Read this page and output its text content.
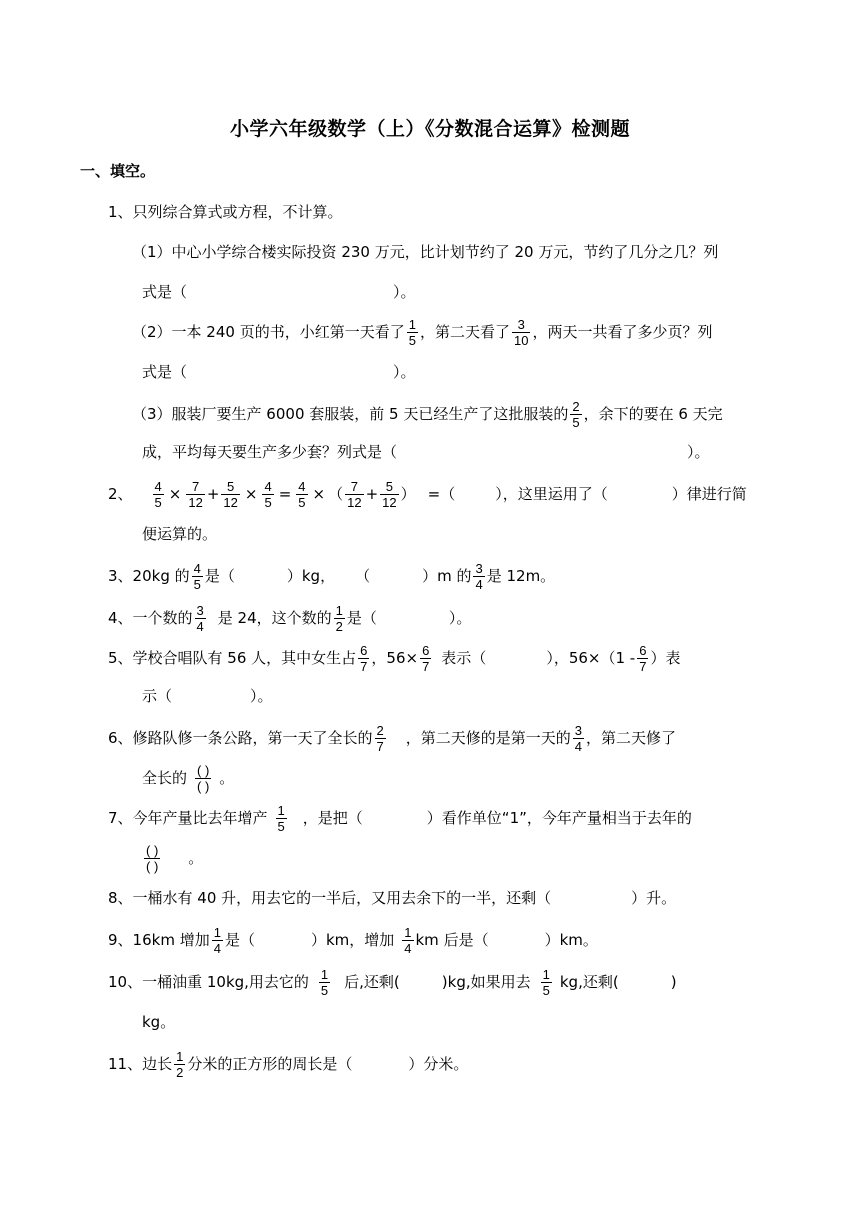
小学六年级数学（上）《分数混合运算》检测题
一、填空。
1、只列综合算式或方程，不计算。
（1）中心小学综合楼实际投资 230 万元，比计划节约了 20 万元，节约了几分之几？列
式是（	）。
（2）一本 240 页的书，小红第一天看了 $\frac{1}{5}$ ，第二天看了 $\frac{3}{10}$ ，两天一共看了多少页？列
式是（	）。
（3）服装厂要生产 6000 套服装，前 5 天已经生产了这批服装的 $\frac{2}{5}$ ，余下的要在 6 天完
成，平均每天要生产多少套？列式是（	）。
2、 $\frac{4}{5} \times \frac{7}{12} + \frac{5}{12} \times \frac{4}{5} = \frac{4}{5}$ × （ $\frac{7}{12} + \frac{5}{12}$ ） =（	），这里运用了（	）律进行简
便运算的。
3、20kg 的 $\frac{4}{5}$ 是（	）kg， （	）m 的 $\frac{3}{4}$ 是 12m。
4、一个数的 $\frac{3}{4}$ 是 24，这个数的 $\frac{1}{2}$ 是（	）。
5、学校合唱队有 56 人，其中女生占 $\frac{6}{7}$ ，$56\times \frac{6}{7}$ 表示（	），$56\times(1 - \frac{6}{7}$ ）表
示（	）。
6、修路队修一条公路，第一天了全长的 $\frac{2}{7}$ ，第二天修的是第一天的 $\frac{3}{4}$ ，第二天修了
全长的 $\frac{( )}{( )}$ 。
7、今年产量比去年增产 $\frac{1}{5}$ ，是把（	）看作单位“1”，今年产量相当于去年的
$\frac{( )}{( )}$ 。
8、一桶水有 40 升，用去它的一半后，又用去余下的一半，还剩（	）升。
9、16km 增加 $\frac{1}{4}$ 是（	）km，增加 $\frac{1}{4}$ km 后是（	）km。
10、一桶油重 10kg,用去它的 $\frac{1}{5}$ 后,还剩(	)kg,如果用去 $\frac{1}{5}$ kg,还剩(	)
kg。
11、边长 $\frac{1}{2}$ 分米的正方形的周长是（	）分米。
